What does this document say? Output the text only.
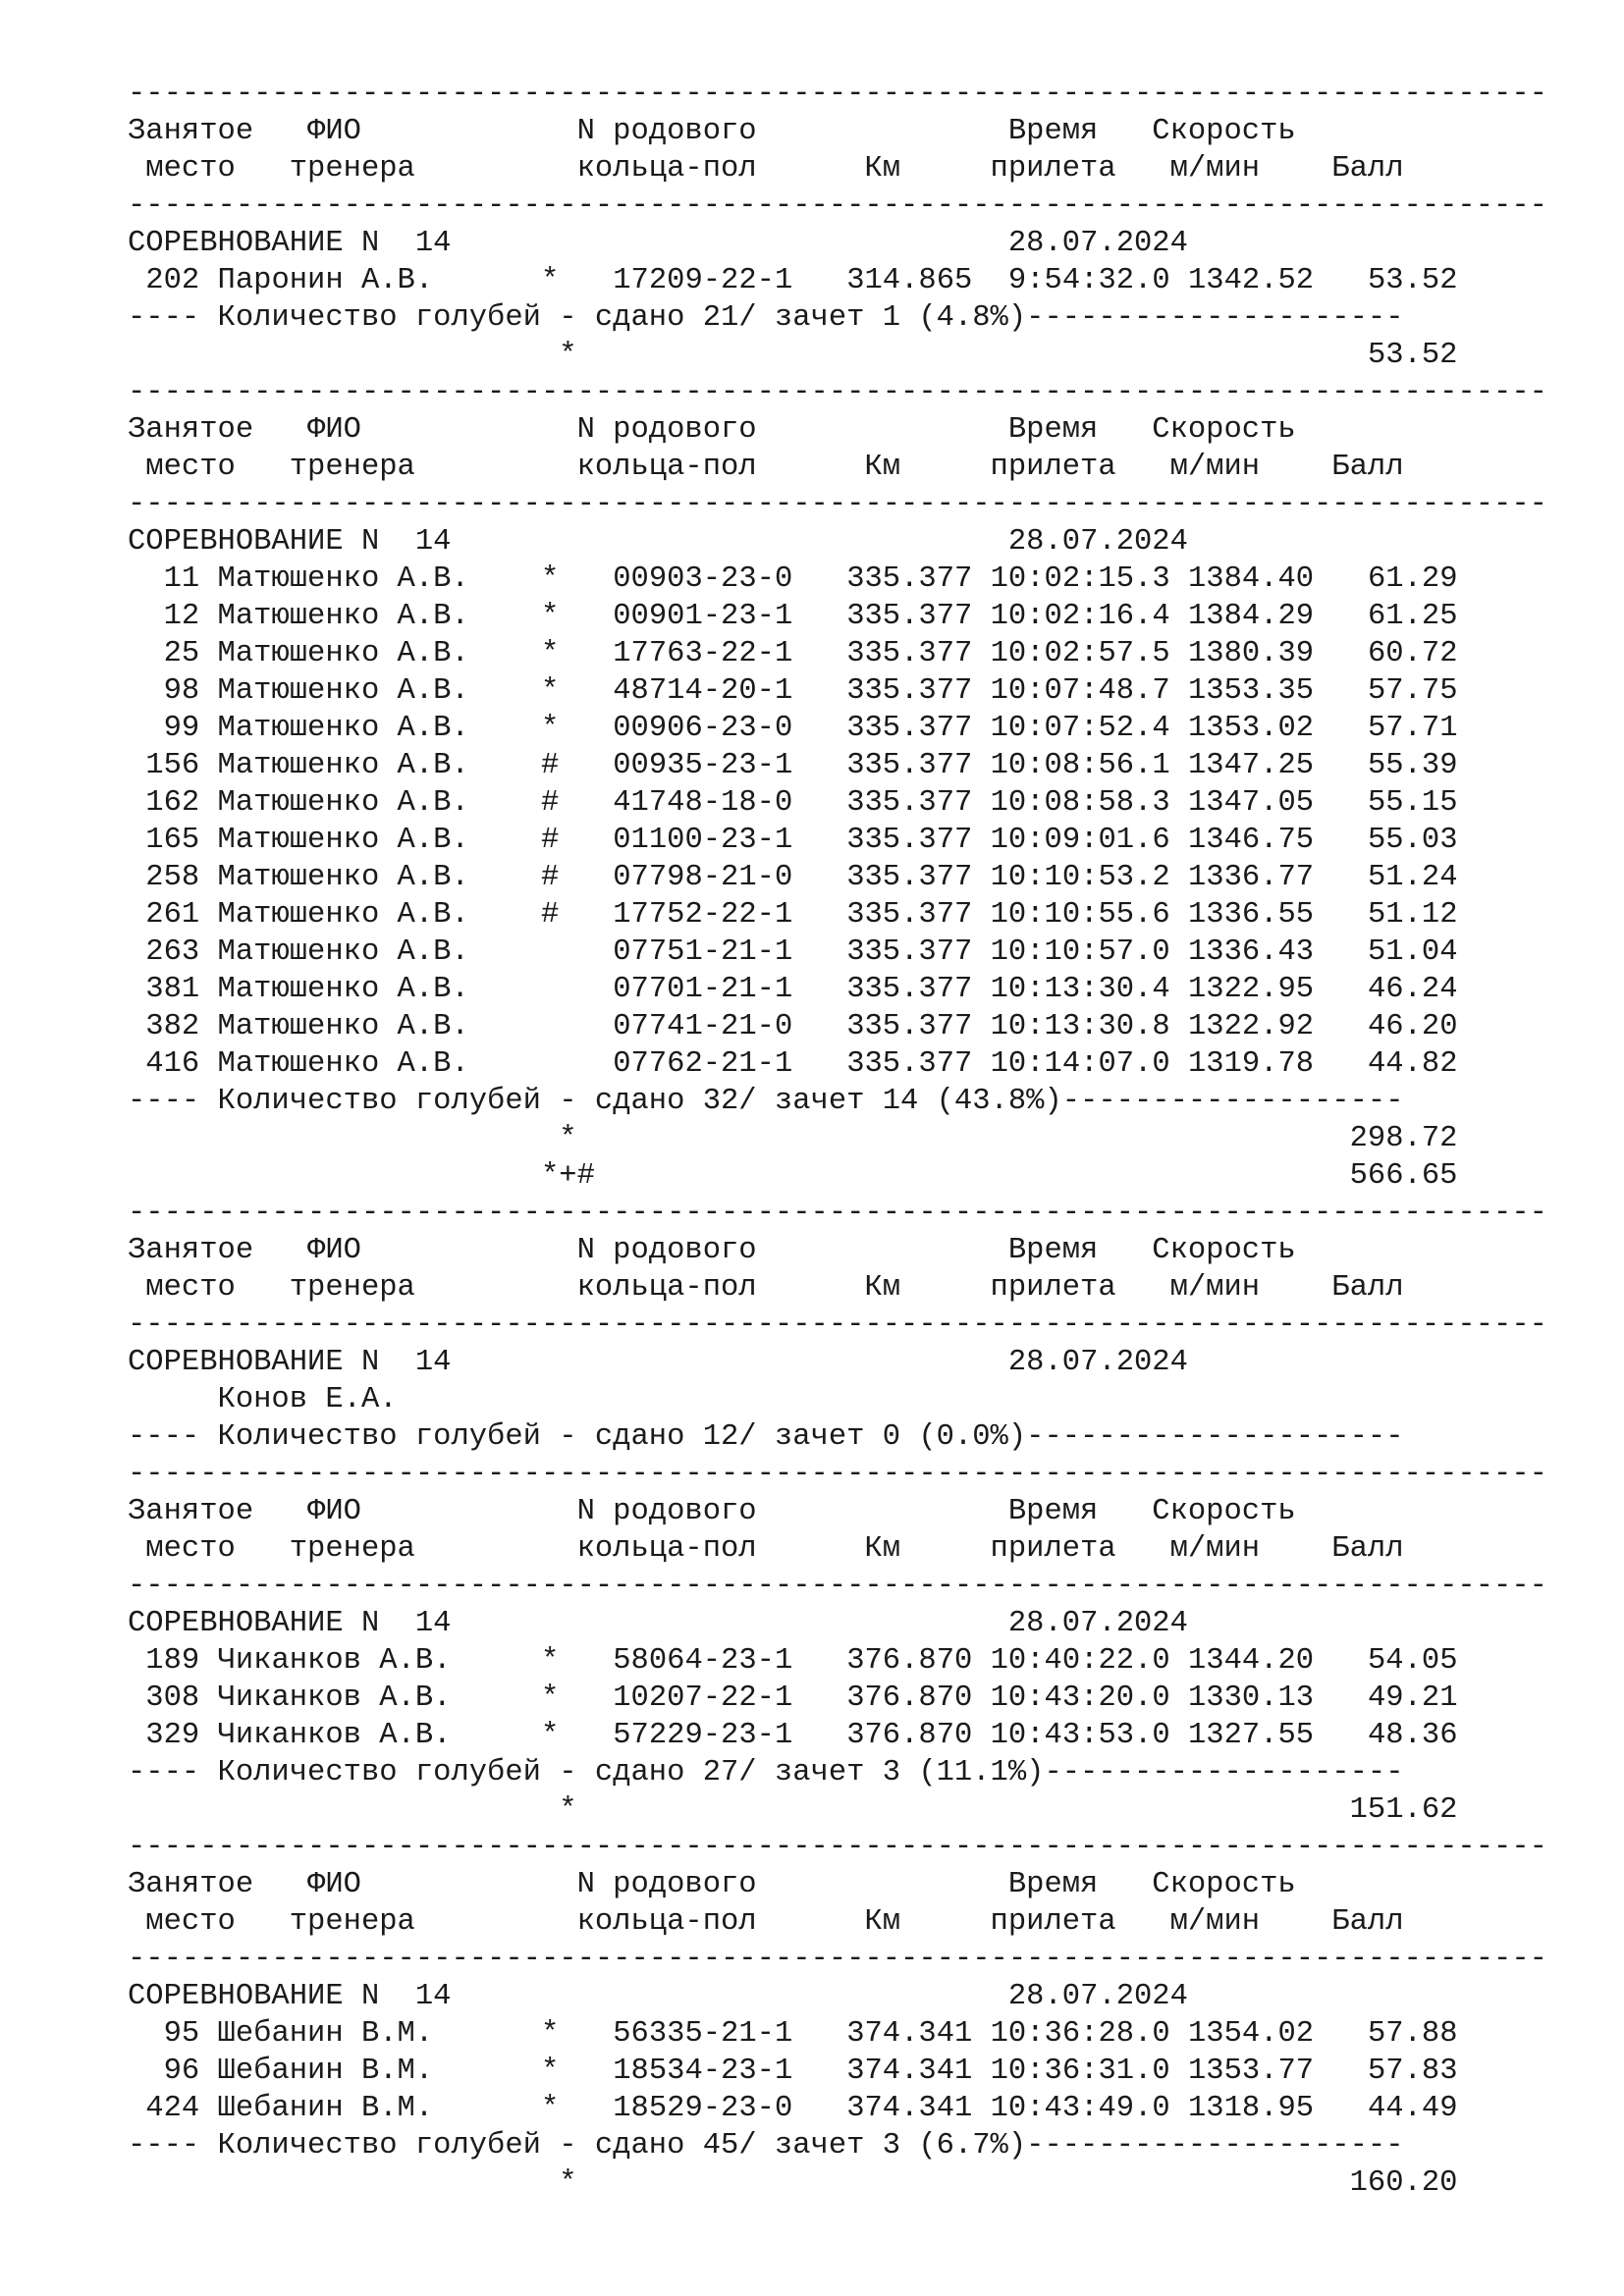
-------------------------------------------------------------------------------
Занятое   ФИО            N родового              Время   Скорость
место   тренера         кольца-пол      Км     прилета   м/мин    Балл
-------------------------------------------------------------------------------
СОРЕВНОВАНИЕ N  14	28.07.2024
202 Паронин А.В.      * 17209-22-1 314.865  9:54:32.0 1342.52   53.52
---- Количество голубей - сдано 21/ зачет 1 (4.8%)---------------------
*	53.52
-------------------------------------------------------------------------------
Занятое   ФИО            N родового              Время   Скорость
место   тренера         кольца-пол      Км     прилета   м/мин    Балл
-------------------------------------------------------------------------------
СОРЕВНОВАНИЕ N  14	28.07.2024
11 Матюшенко А.В.    * 00903-23-0 335.377 10:02:15.3 1384.40   61.29
12 Матюшенко А.В.    * 00901-23-1 335.377 10:02:16.4 1384.29   61.25
25 Матюшенко А.В.    * 17763-22-1 335.377 10:02:57.5 1380.39   60.72
98 Матюшенко А.В.    * 48714-20-1 335.377 10:07:48.7 1353.35   57.75
99 Матюшенко А.В.    * 00906-23-0 335.377 10:07:52.4 1353.02   57.71
156 Матюшенко А.В.    # 00935-23-1 335.377 10:08:56.1 1347.25   55.39
162 Матюшенко А.В.    # 41748-18-0 335.377 10:08:58.3 1347.05   55.15
165 Матюшенко А.В.    # 01100-23-1 335.377 10:09:01.6 1346.75   55.03
258 Матюшенко А.В.    # 07798-21-0 335.377 10:10:53.2 1336.77   51.24
261 Матюшенко А.В.    # 17752-22-1 335.377 10:10:55.6 1336.55   51.12
263 Матюшенко А.В.	07751-21-1 335.377 10:10:57.0 1336.43   51.04
381 Матюшенко А.В.	07701-21-1 335.377 10:13:30.4 1322.95   46.24
382 Матюшенко А.В.	07741-21-0 335.377 10:13:30.8 1322.92   46.20
416 Матюшенко А.В.	07762-21-1 335.377 10:14:07.0 1319.78   44.82
---- Количество голубей - сдано 32/ зачет 14 (43.8%)-------------------
*	298.72
*+#	566.65
-------------------------------------------------------------------------------
Занятое   ФИО            N родового              Время   Скорость
место   тренера         кольца-пол      Км     прилета   м/мин    Балл
-------------------------------------------------------------------------------
СОРЕВНОВАНИЕ N  14	28.07.2024
Конов Е.А.
---- Количество голубей - сдано 12/ зачет 0 (0.0%)---------------------
-------------------------------------------------------------------------------
Занятое   ФИО            N родового              Время   Скорость
место   тренера         кольца-пол      Км     прилета   м/мин    Балл
-------------------------------------------------------------------------------
СОРЕВНОВАНИЕ N  14	28.07.2024
189 Чиканков А.В.     * 58064-23-1 376.870 10:40:22.0 1344.20   54.05
308 Чиканков А.В.     * 10207-22-1 376.870 10:43:20.0 1330.13   49.21
329 Чиканков А.В.     * 57229-23-1 376.870 10:43:53.0 1327.55   48.36
---- Количество голубей - сдано 27/ зачет 3 (11.1%)--------------------
*	151.62
-------------------------------------------------------------------------------
Занятое   ФИО            N родового              Время   Скорость
место   тренера         кольца-пол      Км     прилета   м/мин    Балл
-------------------------------------------------------------------------------
СОРЕВНОВАНИЕ N  14	28.07.2024
95 Шебанин В.М.      * 56335-21-1 374.341 10:36:28.0 1354.02   57.88
96 Шебанин В.М.      * 18534-23-1 374.341 10:36:31.0 1353.77   57.83
424 Шебанин В.М.      * 18529-23-0 374.341 10:43:49.0 1318.95   44.49
---- Количество голубей - сдано 45/ зачет 3 (6.7%)---------------------
*	160.20
